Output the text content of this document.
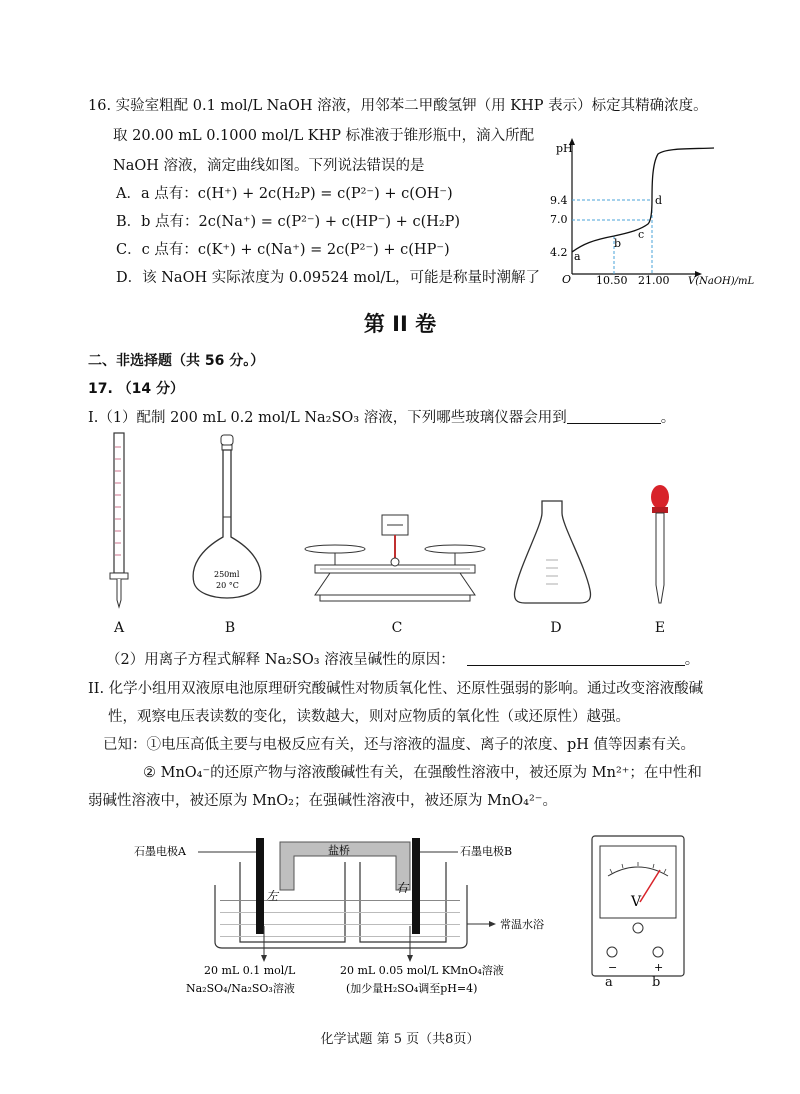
16. 实验室粗配 0.1 mol/L NaOH 溶液，用邻苯二甲酸氢钾（用 KHP 表示）标定其精确浓度。
取 20.00 mL 0.1000 mol/L KHP 标准液于锥形瓶中，滴入所配
NaOH 溶液，滴定曲线如图。下列说法错误的是
A．a 点有：c(H⁺) + 2c(H₂P) = c(P²⁻) + c(OH⁻)
B．b 点有：2c(Na⁺) = c(P²⁻) + c(HP⁻) + c(H₂P)
C．c 点有：c(K⁺) + c(Na⁺) = 2c(P²⁻) + c(HP⁻)
D．该 NaOH 实际浓度为 0.09524 mol/L，可能是称量时潮解了
pH
O
9.4
7.0
4.2 a
b
c
d
10.50 21.00 V(NaOH)/mL
第 II 卷
二、非选择题（共 56 分。）
17. （14 分）
I.（1）配制 200 mL 0.2 mol/L Na₂SO₃ 溶液，下列哪些玻璃仪器会用到	。
250ml
20 °C
A	B	C	D	E
（2）用离子方程式解释 Na₂SO₃ 溶液呈碱性的原因：	。
II. 化学小组用双液原电池原理研究酸碱性对物质氧化性、还原性强弱的影响。通过改变溶液酸碱
性，观察电压表读数的变化，读数越大，则对应物质的氧化性（或还原性）越强。
已知：①电压高低主要与电极反应有关，还与溶液的温度、离子的浓度、pH 值等因素有关。
② MnO₄⁻的还原产物与溶液酸碱性有关，在强酸性溶液中，被还原为 Mn²⁺；在中性和
弱碱性溶液中，被还原为 MnO₂；在强碱性溶液中，被还原为 MnO₄²⁻。
盐桥
石墨电极A	石墨电极B
左
右
常温水浴
20 mL 0.1 mol/L
Na₂SO₄/Na₂SO₃溶液
20 mL 0.05 mol/L KMnO₄溶液
(加少量H₂SO₄调至pH=4)
V
−	+
a	b
化学试题 第 5 页（共8页）
